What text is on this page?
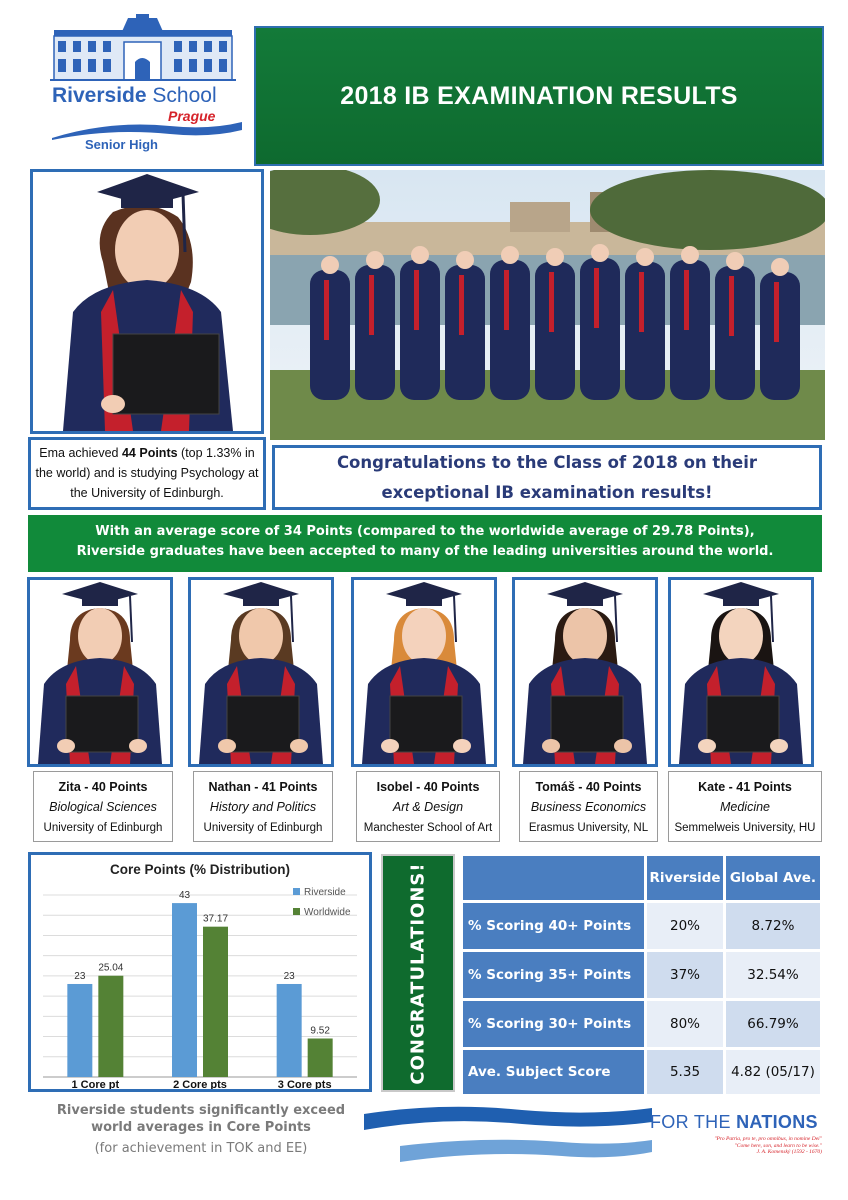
Riverside School
Prague
Senior High
2018 IB EXAMINATION RESULTS
Ema achieved 44 Points (top 1.33% in the world) and is studying Psychology at the University of Edinburgh.
Congratulations to the Class of 2018 on their exceptional IB examination results!
With an average score of 34 Points (compared to the worldwide average of 29.78 Points),
Riverside graduates have been accepted to many of the leading universities around the world.
Zita - 40 Points
Biological Sciences
University of Edinburgh
Nathan - 41 Points
History and Politics
University of Edinburgh
Isobel - 40 Points
Art & Design
Manchester School of Art
Tomáš - 40 Points
Business Economics
Erasmus University, NL
Kate - 41 Points
Medicine
Semmelweis University, HU
Core Points (% Distribution)
23
25.04
43
37.17
23
9.52
1 Core pt	2 Core pts	3 Core pts
Riverside
Worldwide	CONGRATULATIONS!
		Riverside	Global Ave.
% Scoring 40+ Points	20%	8.72%
% Scoring 35+ Points	37%	32.54%
% Scoring 30+ Points	80%	66.79%
Ave. Subject Score	5.35	4.82 (05/17)
Riverside students significantly exceed
world averages in Core Points
(for achievement in TOK and EE)
FOR THE NATIONS
"Pro Patria, pro te, pro omnibus, in nomine Dei"
"Come here, son, and learn to be wise."
J. A. Komenský (1592 - 1670)
